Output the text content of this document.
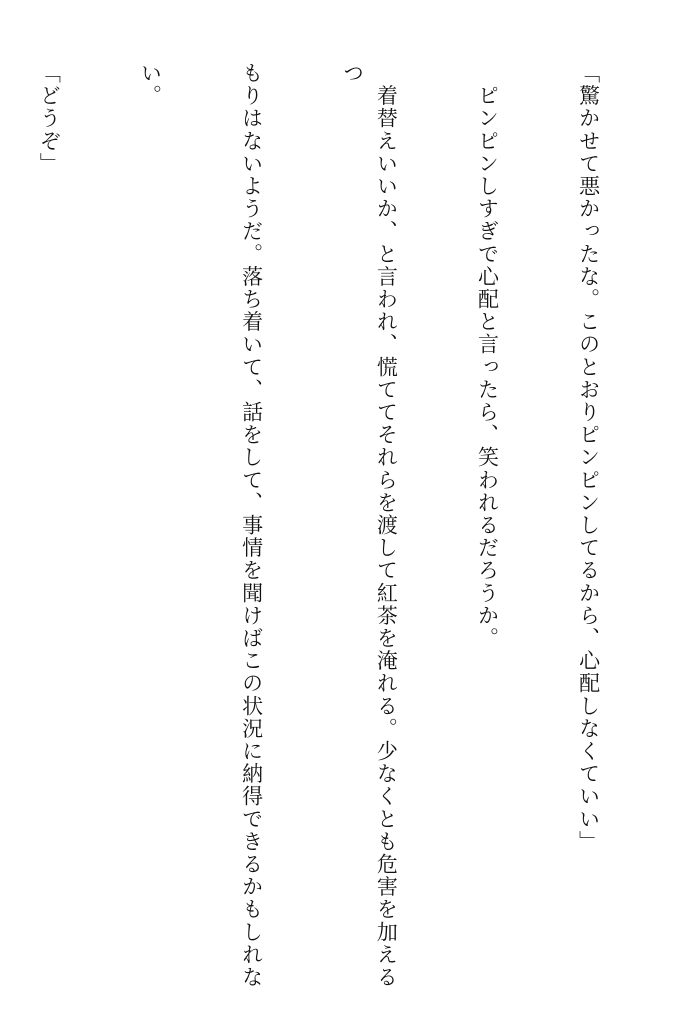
「驚かせて悪かったな。このとおりピンピンしてるから、心配しなくていい」

　ピンピンしすぎで心配と言ったら、笑われるだろうか。

　着替えいいか、と言われ、慌ててそれらを渡して紅茶を淹れる。少なくとも危害を加えるつ

もりはないようだ。落ち着いて、話をして、事情を聞けばこの状況に納得できるかもしれな

い。

「どうぞ」
